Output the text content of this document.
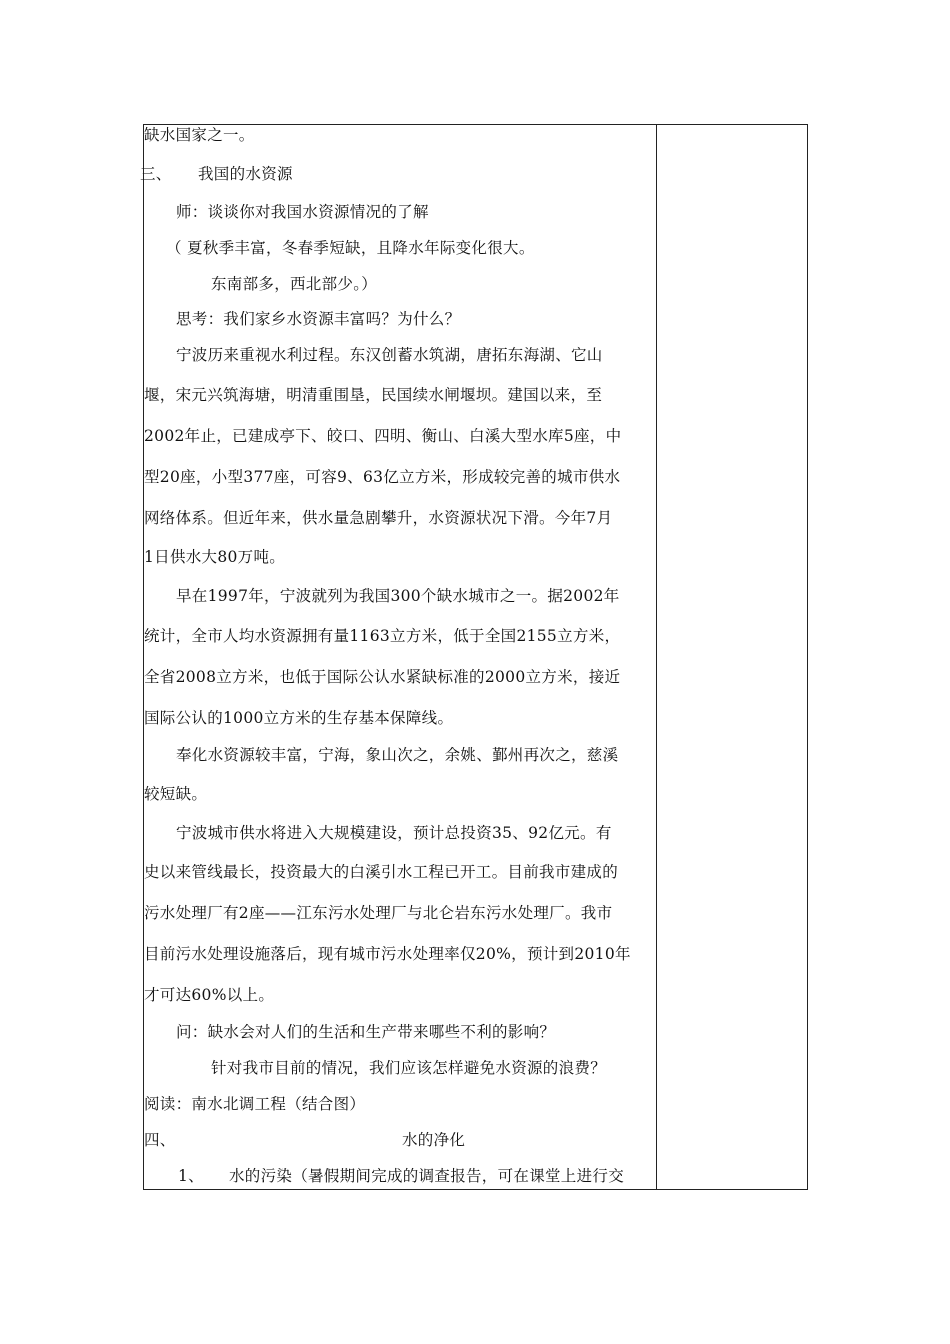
缺水国家之一。
三、 我国的水资源
师：谈谈你对我国水资源情况的了解
（ 夏秋季丰富，冬春季短缺，且降水年际变化很大。
东南部多，西北部少。）
思考：我们家乡水资源丰富吗？为什么？
宁波历来重视水利过程。东汉创蓄水筑湖，唐拓东海湖、它山
堰，宋元兴筑海塘，明清重围垦，民国续水闸堰坝。建国以来，至
2002年止，已建成亭下、皎口、四明、衡山、白溪大型水库5座，中
型20座，小型377座，可容9、63亿立方米，形成较完善的城市供水
网络体系。但近年来，供水量急剧攀升，水资源状况下滑。今年7月
1日供水大80万吨。
早在1997年，宁波就列为我国300个缺水城市之一。据2002年
统计，全市人均水资源拥有量1163立方米，低于全国2155立方米，
全省2008立方米，也低于国际公认水紧缺标准的2000立方米，接近
国际公认的1000立方米的生存基本保障线。
奉化水资源较丰富，宁海，象山次之，余姚、鄞州再次之，慈溪
较短缺。
宁波城市供水将进入大规模建设，预计总投资35、92亿元。有
史以来管线最长，投资最大的白溪引水工程已开工。目前我市建成的
污水处理厂有2座——江东污水处理厂与北仑岩东污水处理厂。我市
目前污水处理设施落后，现有城市污水处理率仅20%，预计到2010年
才可达60%以上。
问：缺水会对人们的生活和生产带来哪些不利的影响？
针对我市目前的情况，我们应该怎样避免水资源的浪费？
阅读：南水北调工程（结合图）
四、	水的净化
1、 水的污染（暑假期间完成的调查报告，可在课堂上进行交
